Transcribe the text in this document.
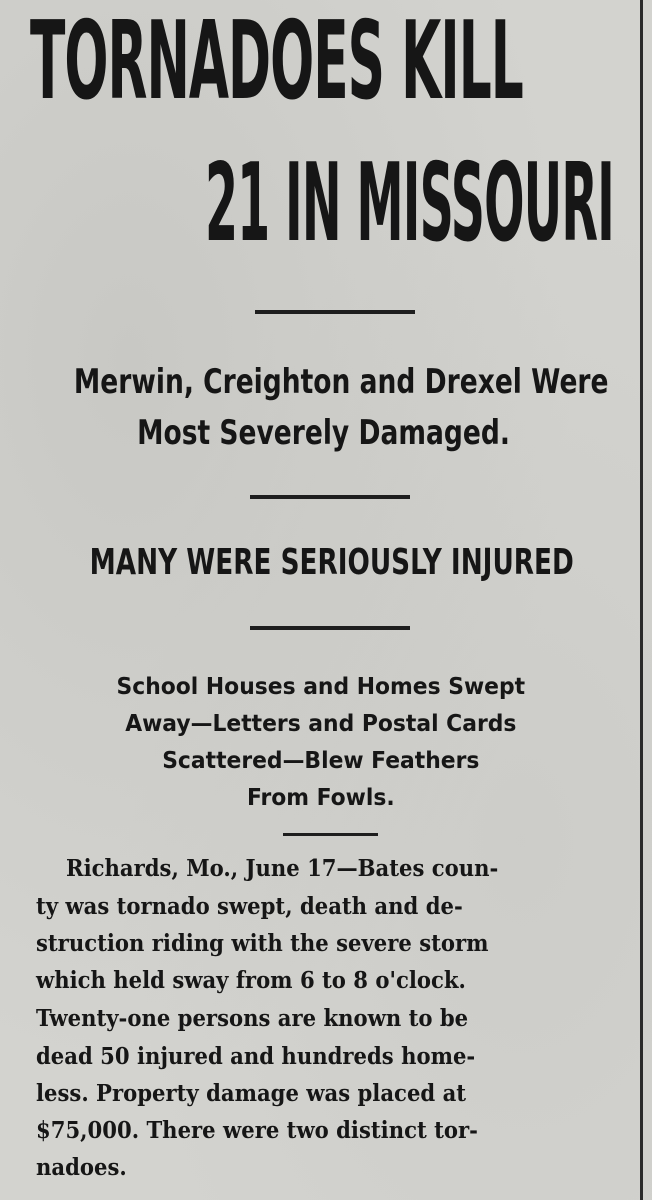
TORNADOES KILL
21 IN MISSOURI

Merwin, Creighton and Drexel Were

Most Severely Damaged.

MANY WERE SERIOUSLY INJURED

School Houses and Homes Swept

Away—Letters and Postal Cards

Scattered—Blew Feathers

From Fowls.

Richards, Mo., June 17—Bates coun-

ty was tornado swept, death and de-

struction riding with the severe storm

which held sway from 6 to 8 o'clock.

Twenty-one persons are known to be

dead 50 injured and hundreds home-

less. Property damage was placed at

$75,000. There were two distinct tor-

nadoes.
